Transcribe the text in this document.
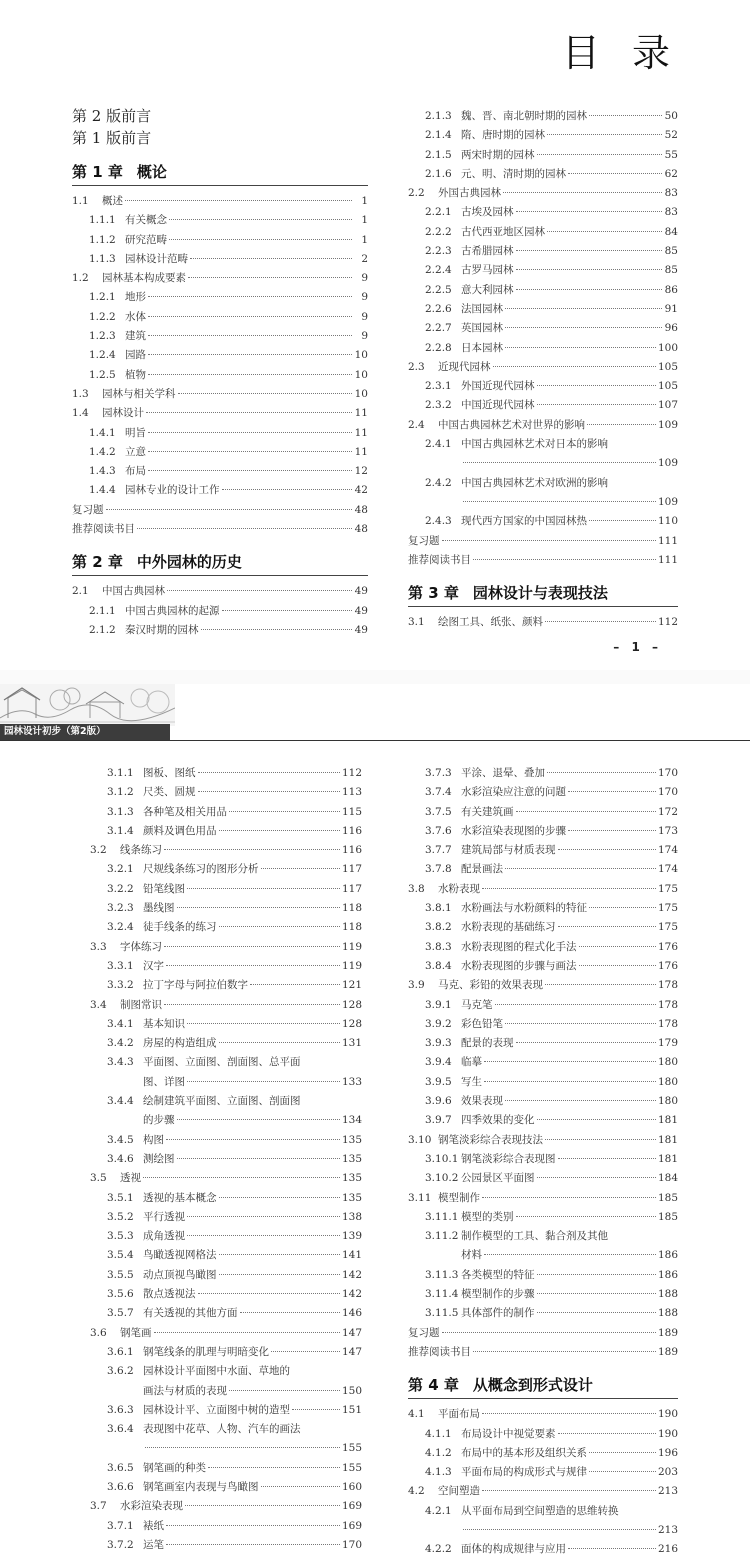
目 录
第 2 版前言
第 1 版前言
第 1 章 概论
1.1	概述	1
1.1.1 有关概念	1
1.1.2 研究范畴	1
1.1.3 园林设计范畴	2
1.2	园林基本构成要素	9
1.2.1 地形	9
1.2.2 水体	9
1.2.3 建筑	9
1.2.4 园路	10
1.2.5 植物	10
1.3	园林与相关学科	10
1.4	园林设计	11
1.4.1 明旨	11
1.4.2 立意	11
1.4.3 布局	12
1.4.4 园林专业的设计工作	42
复习题	48
推荐阅读书目	48
第 2 章 中外园林的历史
2.1	中国古典园林	49
2.1.1 中国古典园林的起源	49
2.1.2 秦汉时期的园林	49
2.1.3 魏、晋、南北朝时期的园林	50
2.1.4 隋、唐时期的园林	52
2.1.5 两宋时期的园林	55
2.1.6 元、明、清时期的园林	62
2.2	外国古典园林	83
2.2.1 古埃及园林	83
2.2.2 古代西亚地区园林	84
2.2.3 古希腊园林	85
2.2.4 古罗马园林	85
2.2.5 意大利园林	86
2.2.6 法国园林	91
2.2.7 英国园林	96
2.2.8 日本园林	100
2.3	近现代园林	105
2.3.1 外国近现代园林	105
2.3.2 中国近现代园林	107
2.4	中国古典园林艺术对世界的影响	109
2.4.1 中国古典园林艺术对日本的影响
109
2.4.2 中国古典园林艺术对欧洲的影响
109
2.4.3 现代西方国家的中国园林热	110
复习题	111
推荐阅读书目	111
第 3 章 园林设计与表现技法
3.1	绘图工具、纸张、颜料	112
– 1 –
园林设计初步（第2版）
3.1.1 图板、图纸	112
3.1.2 尺类、圆规	113
3.1.3 各种笔及相关用品	115
3.1.4 颜料及调色用品	116
3.2	线条练习	116
3.2.1 尺规线条练习的图形分析	117
3.2.2 铅笔线图	117
3.2.3 墨线图	118
3.2.4 徒手线条的练习	118
3.3	字体练习	119
3.3.1 汉字	119
3.3.2 拉丁字母与阿拉伯数字	121
3.4	制图常识	128
3.4.1 基本知识	128
3.4.2 房屋的构造组成	131
3.4.3 平面图、立面图、剖面图、总平面
图、详图	133
3.4.4 绘制建筑平面图、立面图、剖面图
的步骤	134
3.4.5 构图	135
3.4.6 测绘图	135
3.5	透视	135
3.5.1 透视的基本概念	135
3.5.2 平行透视	138
3.5.3 成角透视	139
3.5.4 鸟瞰透视网格法	141
3.5.5 动点顶视鸟瞰图	142
3.5.6 散点透视法	142
3.5.7 有关透视的其他方面	146
3.6	钢笔画	147
3.6.1 钢笔线条的肌理与明暗变化	147
3.6.2 园林设计平面图中水面、草地的
画法与材质的表现	150
3.6.3 园林设计平、立面图中树的造型	151
3.6.4 表现图中花草、人物、汽车的画法
155
3.6.5 钢笔画的种类	155
3.6.6 钢笔画室内表现与鸟瞰图	160
3.7	水彩渲染表现	169
3.7.1 裱纸	169
3.7.2 运笔	170
3.7.3 平涂、退晕、叠加	170
3.7.4 水彩渲染应注意的问题	170
3.7.5 有关建筑画	172
3.7.6 水彩渲染表现图的步骤	173
3.7.7 建筑局部与材质表现	174
3.7.8 配景画法	174
3.8	水粉表现	175
3.8.1 水粉画法与水粉颜料的特征	175
3.8.2 水粉表现的基础练习	175
3.8.3 水粉表现图的程式化手法	176
3.8.4 水粉表现图的步骤与画法	176
3.9	马克、彩铅的效果表现	178
3.9.1 马克笔	178
3.9.2 彩色铅笔	178
3.9.3 配景的表现	179
3.9.4 临摹	180
3.9.5 写生	180
3.9.6 效果表现	180
3.9.7 四季效果的变化	181
3.10 钢笔淡彩综合表现技法	181
3.10.1 钢笔淡彩综合表现图	181
3.10.2 公园景区平面图	184
3.11 模型制作	185
3.11.1 模型的类别	185
3.11.2 制作模型的工具、黏合剂及其他
材料	186
3.11.3 各类模型的特征	186
3.11.4 模型制作的步骤	188
3.11.5 具体部件的制作	188
复习题	189
推荐阅读书目	189
第 4 章 从概念到形式设计
4.1	平面布局	190
4.1.1 布局设计中视觉要素	190
4.1.2 布局中的基本形及组织关系	196
4.1.3 平面布局的构成形式与规律	203
4.2	空间塑造	213
4.2.1 从平面布局到空间塑造的思维转换
213
4.2.2 面体的构成规律与应用	216
